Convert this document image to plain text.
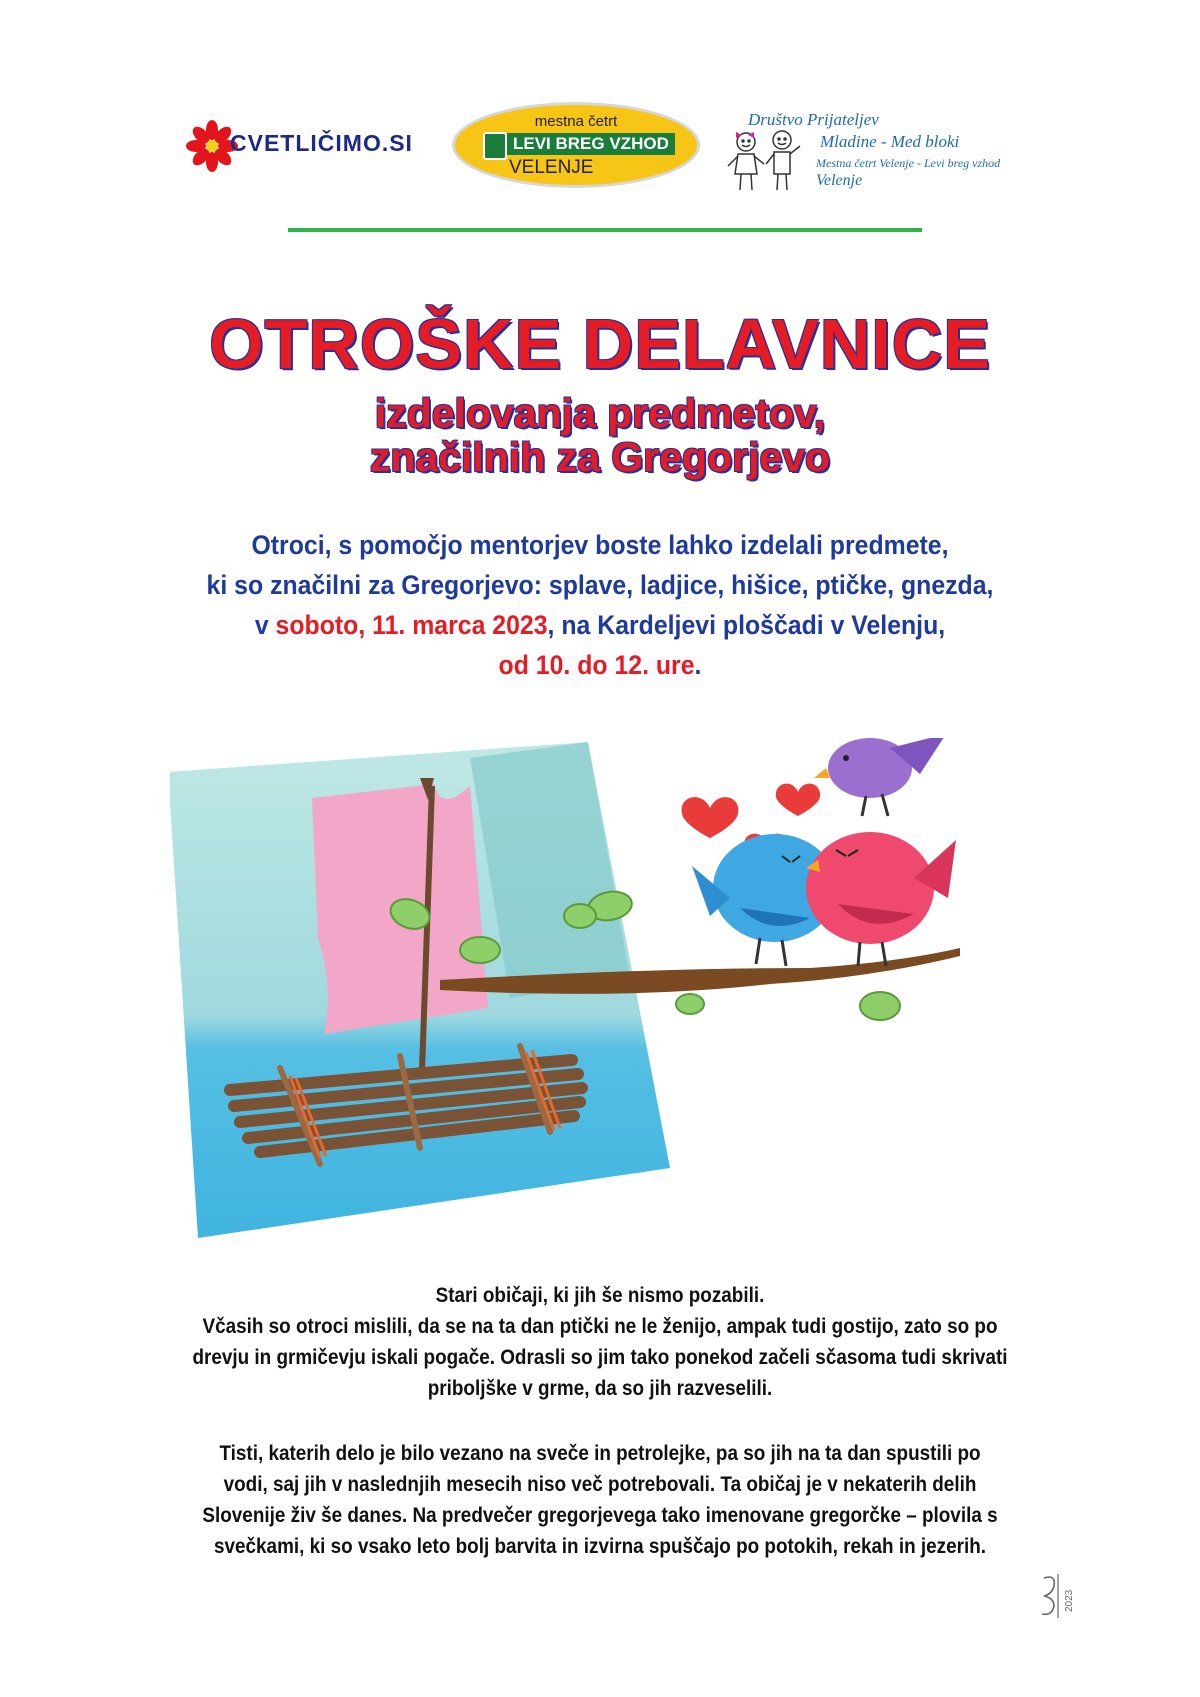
CVETLIČIMO.SI
mestna četrt
LEVI BREG VZHOD
VELENJE
Društvo Prijateljev
Mladine - Med bloki
Mestna četrt Velenje - Levi breg vzhod
Velenje
OTROŠKE DELAVNICE
izdelovanja predmetov,
značilnih za Gregorjevo
Otroci, s pomočjo mentorjev boste lahko izdelali predmete,
ki so značilni za Gregorjevo: splave, ladjice, hišice, ptičke, gnezda,
v soboto, 11. marca 2023, na Kardeljevi ploščadi v Velenju,
od 10. do 12. ure.
Stari običaji, ki jih še nismo pozabili.
Včasih so otroci mislili, da se na ta dan ptički ne le ženijo, ampak tudi gostijo, zato so po
drevju in grmičevju iskali pogače. Odrasli so jim tako ponekod začeli sčasoma tudi skrivati
priboljške v grme, da so jih razveselili.
Tisti, katerih delo je bilo vezano na sveče in petrolejke, pa so jih na ta dan spustili po
vodi, saj jih v naslednjih mesecih niso več potrebovali. Ta običaj je v nekaterih delih
Slovenije živ še danes. Na predvečer gregorjevega tako imenovane gregorčke – plovila s
svečkami, ki so vsako leto bolj barvita in izvirna spuščajo po potokih, rekah in jezerih.
2023
